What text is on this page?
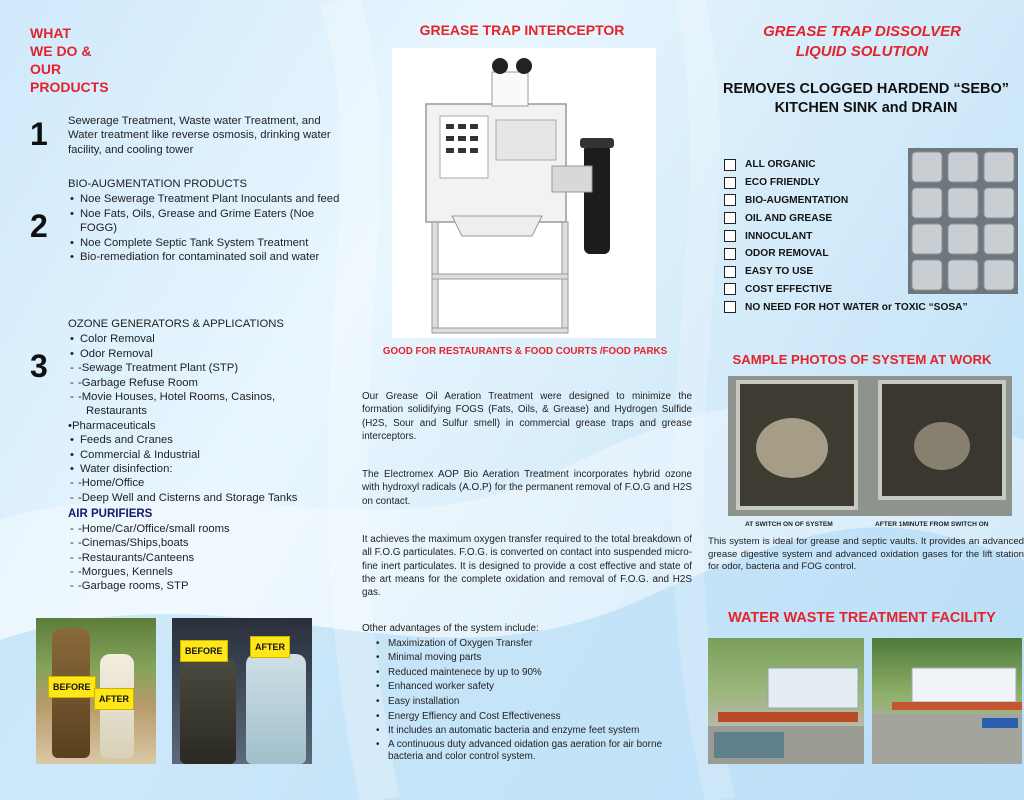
WHAT
WE DO &
OUR
PRODUCTS
1 Sewerage Treatment, Waste water Treatment, and Water treatment like reverse osmosis, drinking water facility, and cooling tower

2
BIO-AUGMENTATION PRODUCTS
• Noe Sewerage Treatment Plant Inoculants and feed
• Noe Fats, Oils, Grease and Grime Eaters (Noe FOGG)
• Noe Complete Septic Tank System Treatment
• Bio-remediation for contaminated soil and water
3
OZONE GENERATORS & APPLICATIONS
• Color Removal
• Odor Removal
- -Sewage Treatment Plant (STP)
- -Garbage Refuse Room
- -Movie Houses, Hotel Rooms, Casinos,
Restaurants
•Pharmaceuticals
• Feeds and Cranes
• Commercial & Industrial
• Water disinfection:
- -Home/Office
- -Deep Well and Cisterns and Storage Tanks
AIR PURIFIERS
- -Home/Car/Office/small rooms
- -Cinemas/Ships,boats
- -Restaurants/Canteens
- -Morgues, Kennels
- -Garbage rooms, STP
BEFORE
AFTER
BEFORE	AFTER
GREASE TRAP INTERCEPTOR
GOOD FOR RESTAURANTS & FOOD COURTS /FOOD PARKS

Our Grease Oil Aeration Treatment were designed to minimize the formation solidifying FOGS (Fats, Oils, & Grease) and Hydrogen Sulfide (H2S, Sour and Sulfur smell) in commercial grease traps and grease interceptors.

The Electromex AOP Bio Aeration Treatment incorporates hybrid ozone with hydroxyl radicals (A.O.P) for the permanent removal of F.O.G and H2S on contact.

It achieves the maximum oxygen transfer required to the total breakdown of all F.O.G particulates. F.O.G. is converted on contact into suspended micro-fine inert particulates. It is designed to provide a cost effective and state of the art means for the complete oxidation and removal of F.O.G. and H2S gas.

Other advantages of the system include:
• Maximization of Oxygen Transfer
• Minimal moving parts
• Reduced maintenece by up to 90%
• Enhanced worker safety
• Easy installation
• Energy Effiency and Cost Effectiveness
• It includes an automatic bacteria and enzyme feet system
• A continuous duty advanced oidation gas aeration for air borne bacteria and color control system.
GREASE TRAP DISSOLVER
LIQUID SOLUTION
REMOVES CLOGGED HARDEND “SEBO”
KITCHEN SINK and DRAIN
ALL ORGANIC
ECO FRIENDLY
BIO-AUGMENTATION
OIL AND GREASE
INNOCULANT
ODOR REMOVAL
EASY TO USE
COST EFFECTIVE
NO NEED FOR HOT WATER or TOXIC “SOSA”
SAMPLE PHOTOS OF SYSTEM AT WORK
AT SWITCH ON OF SYSTEM	AFTER 1MINUTE FROM SWITCH ON

This system is ideal for grease and septic vaults. It provides an advanced grease digestive system and advanced oxidation gases for the lift station for odor, bacteria and FOG control.

WATER WASTE TREATMENT FACILITY
